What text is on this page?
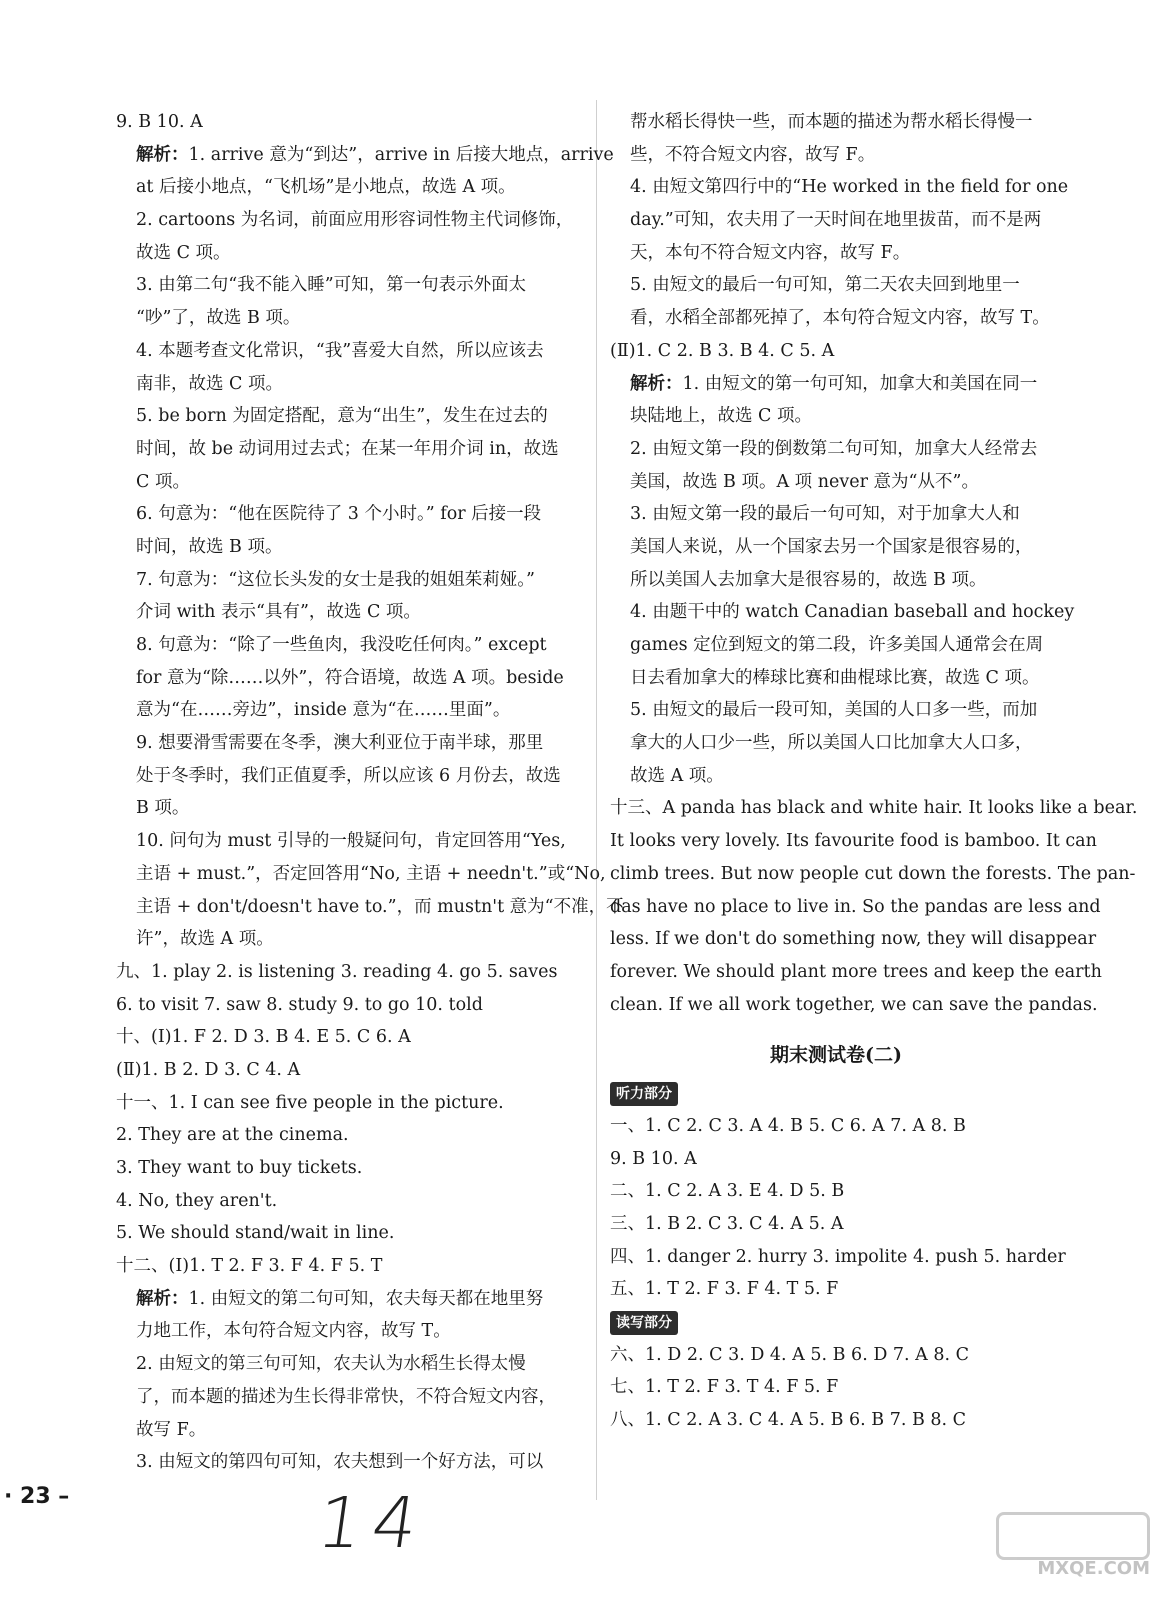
9. B 10. A
解析：1. arrive 意为“到达”，arrive in 后接大地点，arrive
at 后接小地点，“飞机场”是小地点，故选 A 项。
2. cartoons 为名词，前面应用形容词性物主代词修饰，
故选 C 项。
3. 由第二句“我不能入睡”可知，第一句表示外面太
“吵”了，故选 B 项。
4. 本题考查文化常识，“我”喜爱大自然，所以应该去
南非，故选 C 项。
5. be born 为固定搭配，意为“出生”，发生在过去的
时间，故 be 动词用过去式；在某一年用介词 in，故选
C 项。
6. 句意为：“他在医院待了 3 个小时。” for 后接一段
时间，故选 B 项。
7. 句意为：“这位长头发的女士是我的姐姐茱莉娅。”
介词 with 表示“具有”，故选 C 项。
8. 句意为：“除了一些鱼肉，我没吃任何肉。” except
for 意为“除……以外”，符合语境，故选 A 项。beside
意为“在……旁边”，inside 意为“在……里面”。
9. 想要滑雪需要在冬季，澳大利亚位于南半球，那里
处于冬季时，我们正值夏季，所以应该 6 月份去，故选
B 项。
10. 问句为 must 引导的一般疑问句，肯定回答用“Yes,
主语 + must.”，否定回答用“No, 主语 + needn't.”或“No,
主语 + don't/doesn't have to.”，而 mustn't 意为“不准，不
许”，故选 A 项。
九、1. play 2. is listening 3. reading 4. go 5. saves
6. to visit 7. saw 8. study 9. to go 10. told
十、(Ⅰ)1. F 2. D 3. B 4. E 5. C 6. A
(Ⅱ)1. B 2. D 3. C 4. A
十一、1. I can see five people in the picture.
2. They are at the cinema.
3. They want to buy tickets.
4. No, they aren't.
5. We should stand/wait in line.
十二、(Ⅰ)1. T 2. F 3. F 4. F 5. T
解析：1. 由短文的第二句可知，农夫每天都在地里努
力地工作，本句符合短文内容，故写 T。
2. 由短文的第三句可知，农夫认为水稻生长得太慢
了，而本题的描述为生长得非常快，不符合短文内容，
故写 F。
3. 由短文的第四句可知，农夫想到一个好方法，可以
帮水稻长得快一些，而本题的描述为帮水稻长得慢一
些，不符合短文内容，故写 F。
4. 由短文第四行中的“He worked in the field for one
day.”可知，农夫用了一天时间在地里拔苗，而不是两
天，本句不符合短文内容，故写 F。
5. 由短文的最后一句可知，第二天农夫回到地里一
看，水稻全部都死掉了，本句符合短文内容，故写 T。
(Ⅱ)1. C 2. B 3. B 4. C 5. A
解析：1. 由短文的第一句可知，加拿大和美国在同一
块陆地上，故选 C 项。
2. 由短文第一段的倒数第二句可知，加拿大人经常去
美国，故选 B 项。A 项 never 意为“从不”。
3. 由短文第一段的最后一句可知，对于加拿大人和
美国人来说，从一个国家去另一个国家是很容易的，
所以美国人去加拿大是很容易的，故选 B 项。
4. 由题干中的 watch Canadian baseball and hockey
games 定位到短文的第二段，许多美国人通常会在周
日去看加拿大的棒球比赛和曲棍球比赛，故选 C 项。
5. 由短文的最后一段可知，美国的人口多一些，而加
拿大的人口少一些，所以美国人口比加拿大人口多，
故选 A 项。
十三、A panda has black and white hair. It looks like a bear.
It looks very lovely. Its favourite food is bamboo. It can
climb trees. But now people cut down the forests. The pan-
das have no place to live in. So the pandas are less and
less. If we don't do something now, they will disappear
forever. We should plant more trees and keep the earth
clean. If we all work together, we can save the pandas.
期末测试卷(二)
听力部分
一、1. C 2. C 3. A 4. B 5. C 6. A 7. A 8. B
9. B 10. A
二、1. C 2. A 3. E 4. D 5. B
三、1. B 2. C 3. C 4. A 5. A
四、1. danger 2. hurry 3. impolite 4. push 5. harder
五、1. T 2. F 3. F 4. T 5. F
读写部分
六、1. D 2. C 3. D 4. A 5. B 6. D 7. A 8. C
七、1. T 2. F 3. T 4. F 5. F
八、1. C 2. A 3. C 4. A 5. B 6. B 7. B 8. C
· 23 –	14
MXQE.COM
